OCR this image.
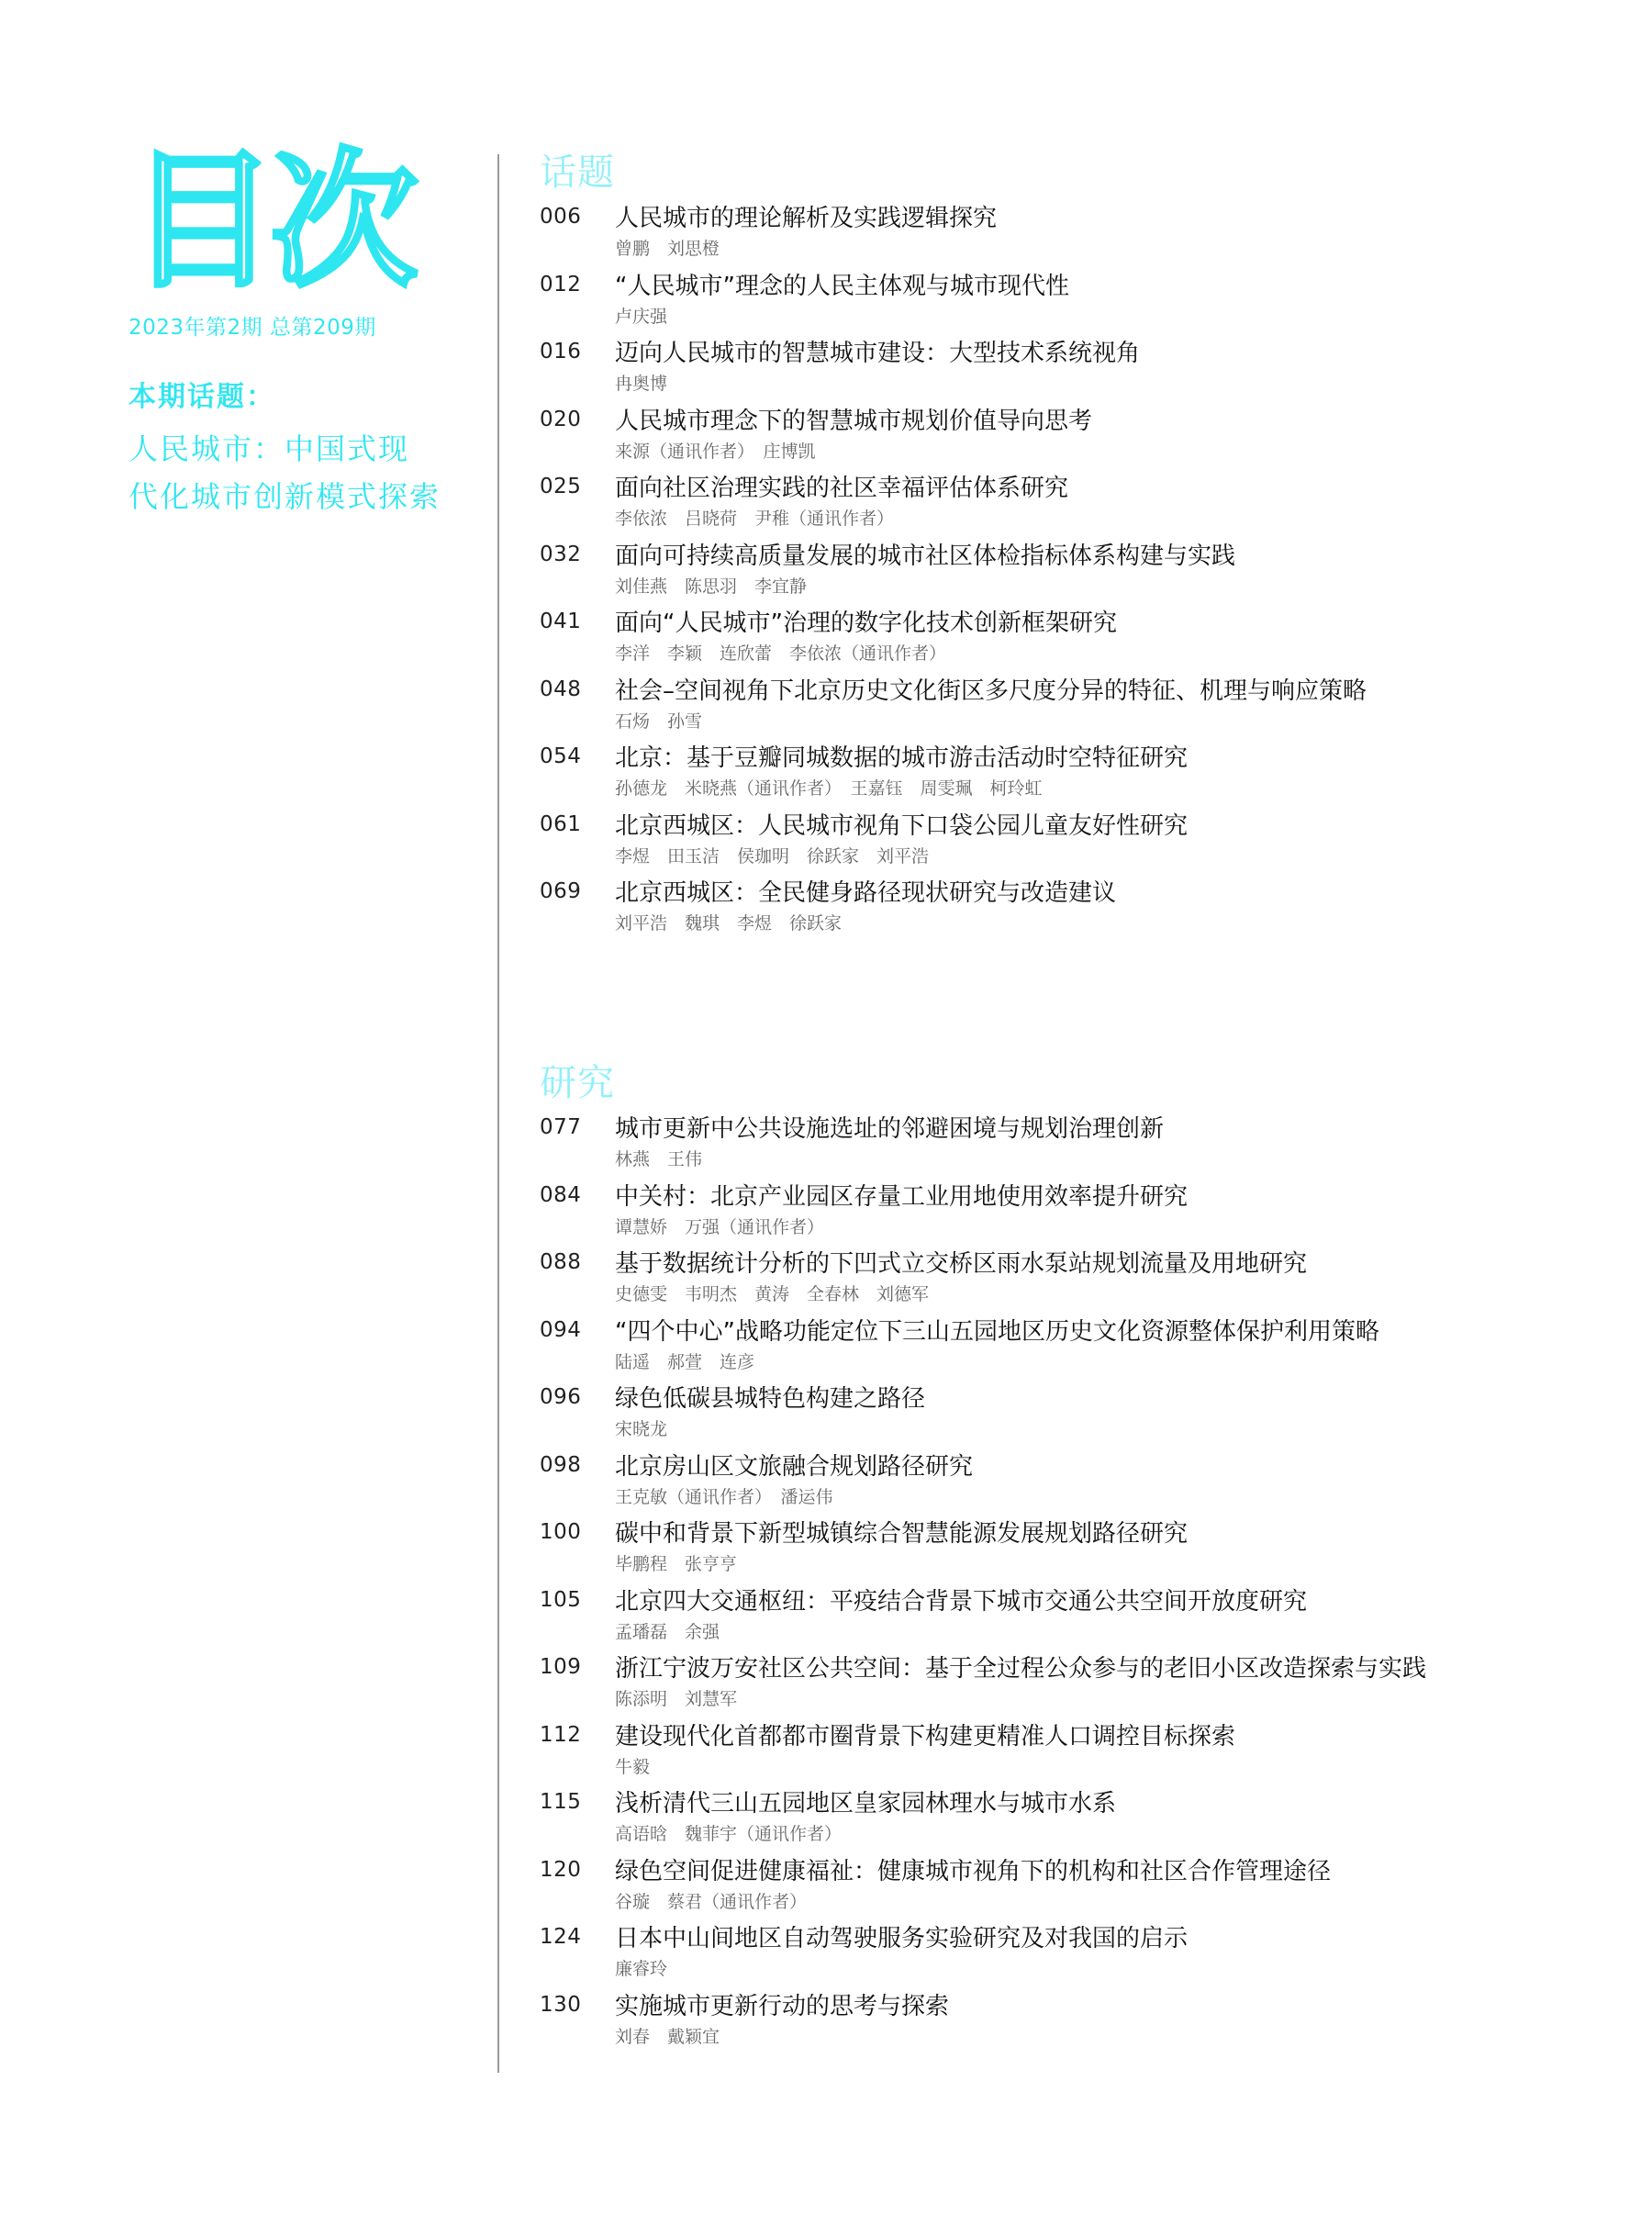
目次
2023年第2期 总第209期
本期话题：
人民城市：中国式现
代化城市创新模式探索
话题
006 人民城市的理论解析及实践逻辑探究
曾鹏　刘思橙
012 “人民城市”理念的人民主体观与城市现代性
卢庆强
016 迈向人民城市的智慧城市建设：大型技术系统视角
冉奥博
020 人民城市理念下的智慧城市规划价值导向思考
来源（通讯作者）　庄博凯
025 面向社区治理实践的社区幸福评估体系研究
李依浓　吕晓荷　尹稚（通讯作者）
032 面向可持续高质量发展的城市社区体检指标体系构建与实践
刘佳燕　陈思羽　李宜静
041 面向“人民城市”治理的数字化技术创新框架研究
李洋　李颖　连欣蕾　李依浓（通讯作者）
048 社会–空间视角下北京历史文化街区多尺度分异的特征、机理与响应策略
石炀　孙雪
054 北京：基于豆瓣同城数据的城市游击活动时空特征研究
孙德龙　米晓燕（通讯作者）　王嘉钰　周雯珮　柯玲虹
061 北京西城区：人民城市视角下口袋公园儿童友好性研究
李煜　田玉洁　侯珈明　徐跃家　刘平浩
069 北京西城区：全民健身路径现状研究与改造建议
刘平浩　魏琪　李煜　徐跃家
研究
077 城市更新中公共设施选址的邻避困境与规划治理创新
林燕　王伟
084 中关村：北京产业园区存量工业用地使用效率提升研究
谭慧娇　万强（通讯作者）
088 基于数据统计分析的下凹式立交桥区雨水泵站规划流量及用地研究
史德雯　韦明杰　黄涛　全春林　刘德军
094 “四个中心”战略功能定位下三山五园地区历史文化资源整体保护利用策略
陆遥　郝萱　连彦
096 绿色低碳县城特色构建之路径
宋晓龙
098 北京房山区文旅融合规划路径研究
王克敏（通讯作者）　潘运伟
100 碳中和背景下新型城镇综合智慧能源发展规划路径研究
毕鹏程　张亨亨
105 北京四大交通枢纽：平疫结合背景下城市交通公共空间开放度研究
孟璠磊　余强
109 浙江宁波万安社区公共空间：基于全过程公众参与的老旧小区改造探索与实践
陈添明　刘慧军
112 建设现代化首都都市圈背景下构建更精准人口调控目标探索
牛毅
115 浅析清代三山五园地区皇家园林理水与城市水系
高语晗　魏菲宇（通讯作者）
120 绿色空间促进健康福祉：健康城市视角下的机构和社区合作管理途径
谷璇　蔡君（通讯作者）
124 日本中山间地区自动驾驶服务实验研究及对我国的启示
廉睿玲
130 实施城市更新行动的思考与探索
刘春　戴颖宜
